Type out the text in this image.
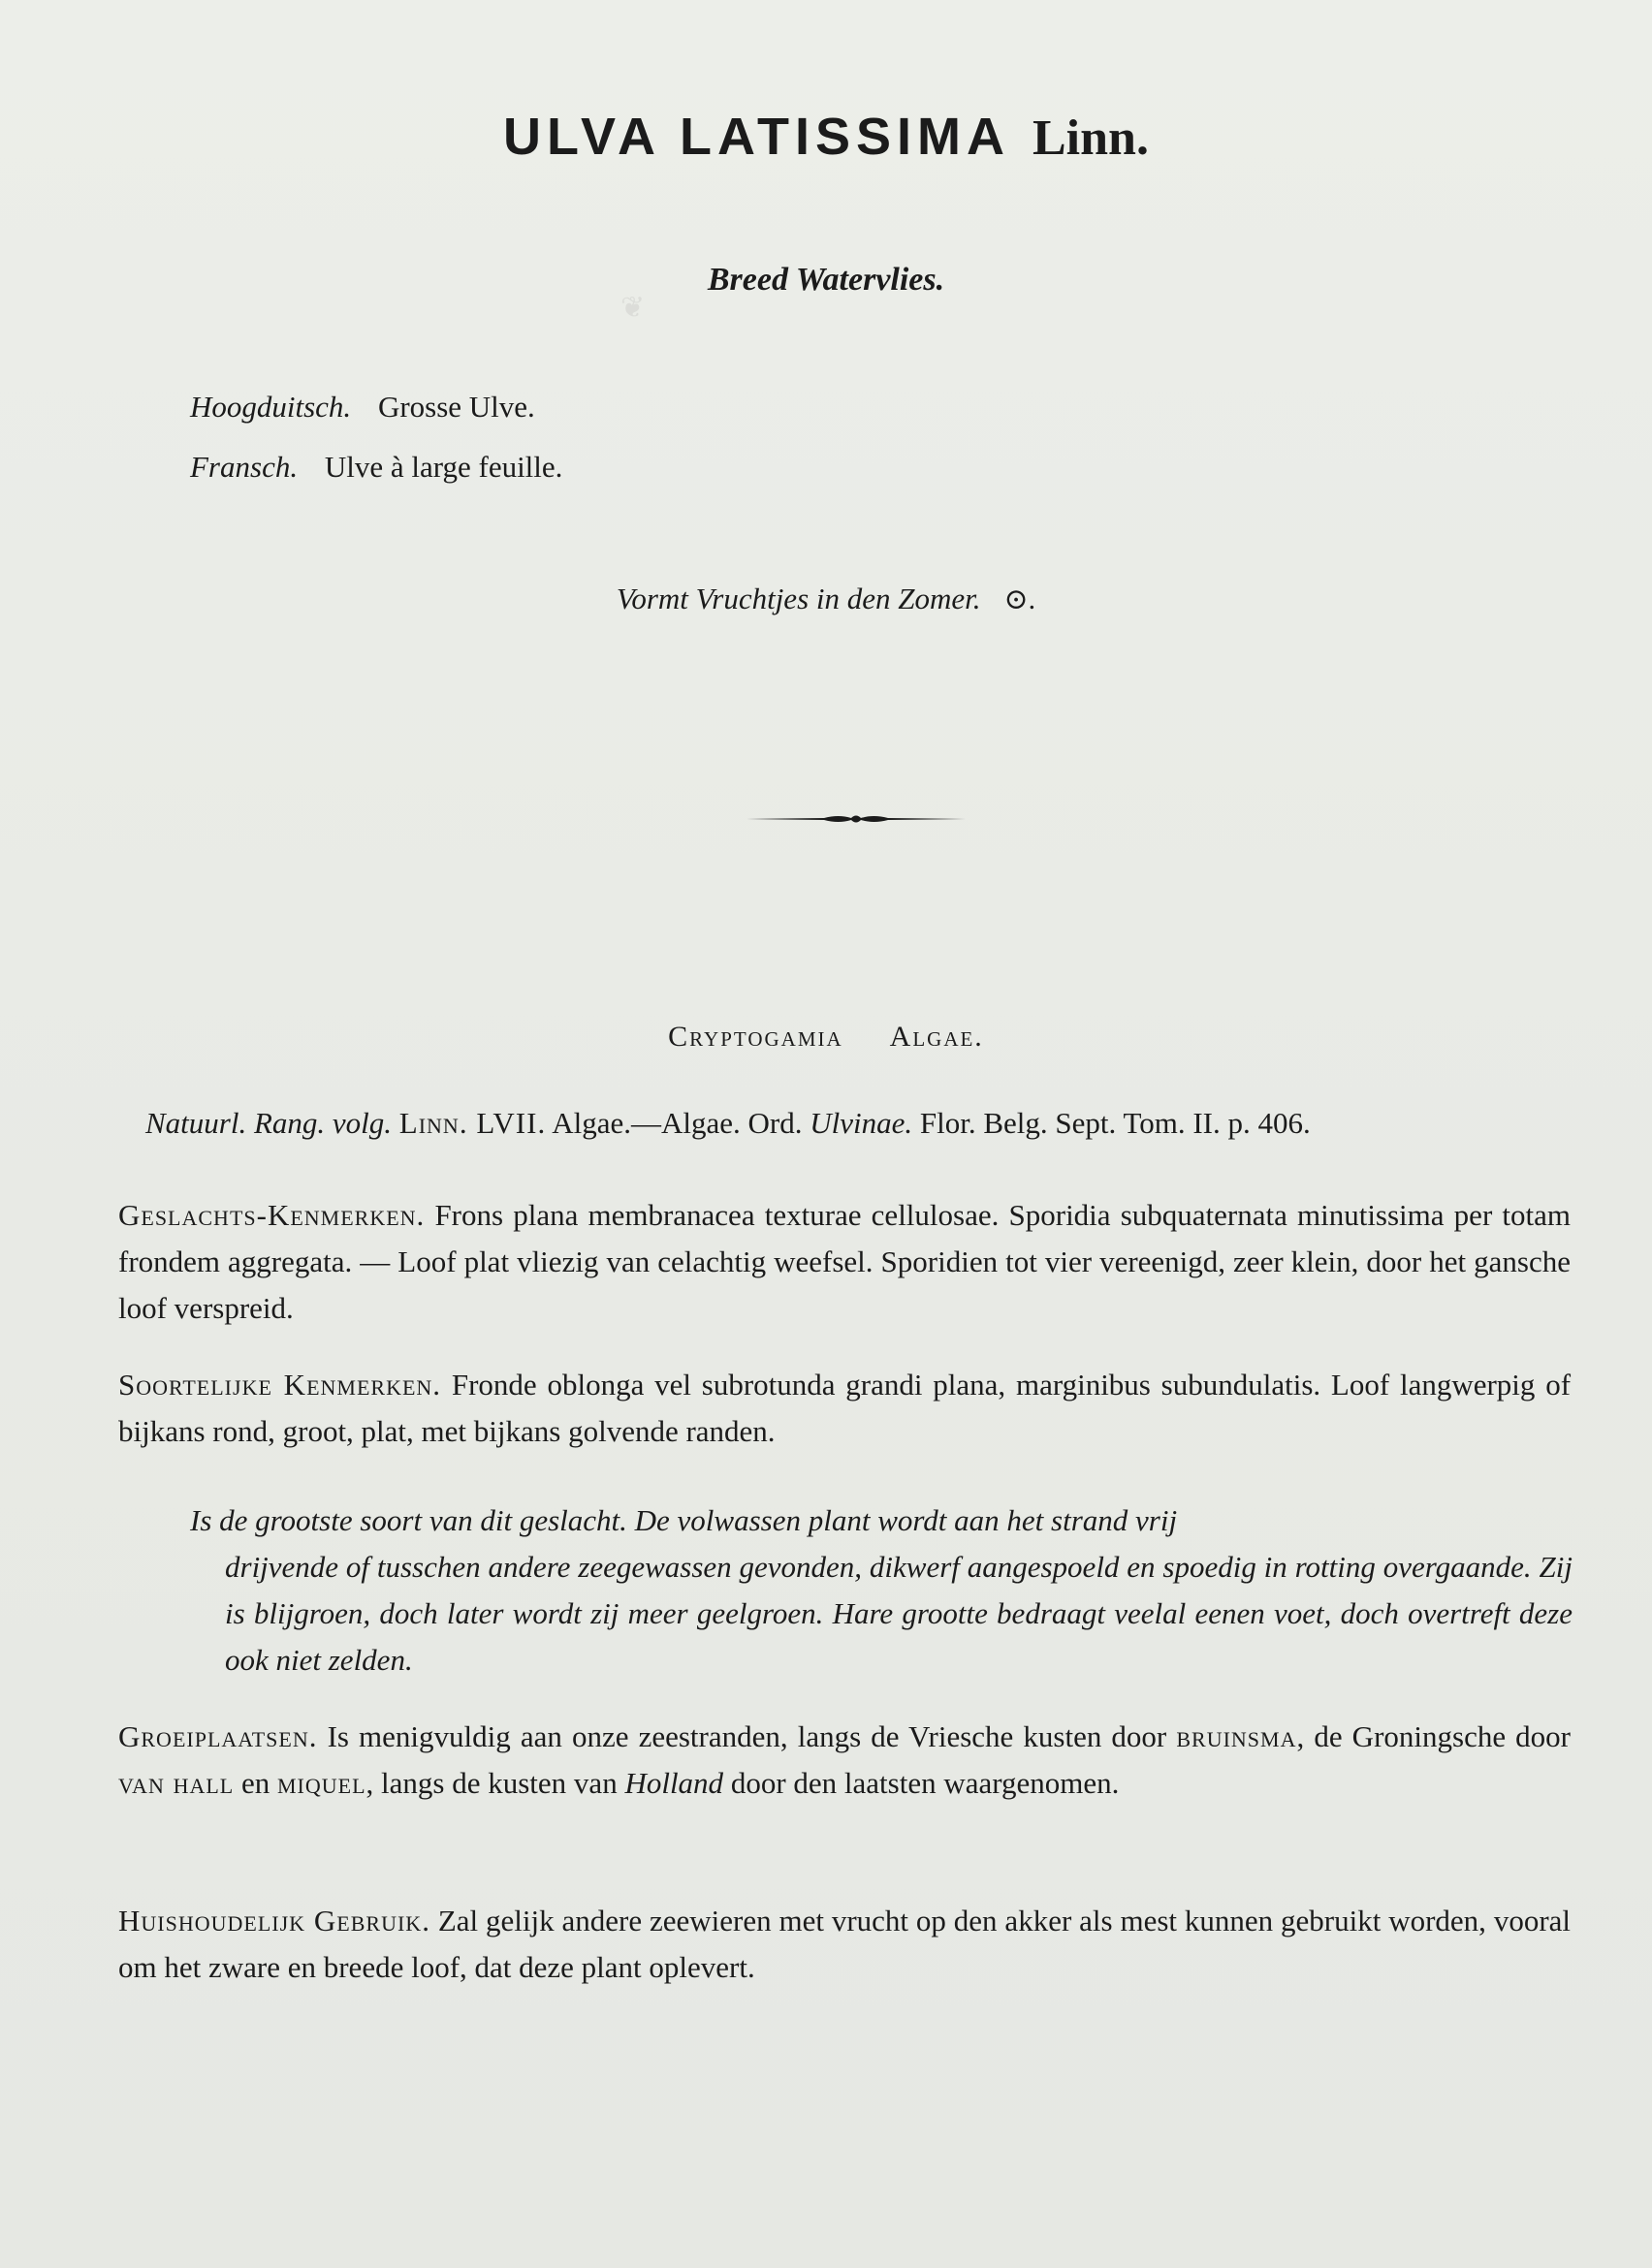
❦
ULVA LATISSIMA Linn.
Breed Watervlies.
Hoogduitsch. Grosse Ulve.
Fransch. Ulve à large feuille.
Vormt Vruchtjes in den Zomer. ⊙.
Cryptogamia Algae.
Natuurl. Rang. volg. Linn. LVII. Algae.—Algae. Ord. Ulvinae. Flor. Belg. Sept. Tom. II. p. 406.
Geslachts-Kenmerken. Frons plana membranacea texturae cellulosae. Sporidia subquaternata minutissima per totam frondem aggregata. — Loof plat vliezig van celachtig weefsel. Sporidien tot vier vereenigd, zeer klein, door het gansche loof verspreid.
Soortelijke Kenmerken. Fronde oblonga vel subrotunda grandi plana, marginibus subundulatis. Loof langwerpig of bijkans rond, groot, plat, met bijkans golvende randen.
Is de grootste soort van dit geslacht. De volwassen plant wordt aan het strand vrij
drijvende of tusschen andere zeegewassen gevonden, dikwerf aangespoeld en spoedig in rotting overgaande. Zij is blijgroen, doch later wordt zij meer geelgroen. Hare grootte bedraagt veelal eenen voet, doch overtreft deze ook niet zelden.
Groeiplaatsen. Is menigvuldig aan onze zeestranden, langs de Vriesche kusten door bruinsma, de Groningsche door van hall en miquel, langs de kusten van Holland door den laatsten waargenomen.
Huishoudelijk Gebruik. Zal gelijk andere zeewieren met vrucht op den akker als mest kunnen gebruikt worden, vooral om het zware en breede loof, dat deze plant oplevert.
